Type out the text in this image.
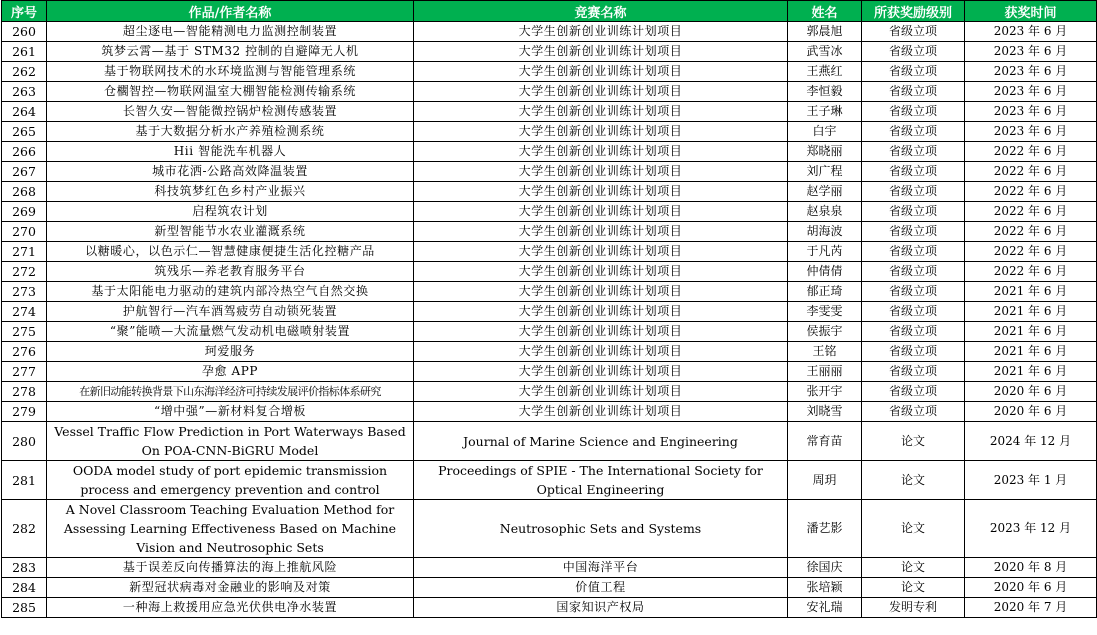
序号	作品/作者名称	竞赛名称	姓名	所获奖励级别	获奖时间
260	超尘逐电—智能精测电力监测控制装置	大学生创新创业训练计划项目	郭晨旭	省级立项	2023 年 6 月
261	筑梦云霄—基于 STM32 控制的自避障无人机	大学生创新创业训练计划项目	武雪冰	省级立项	2023 年 6 月
262	基于物联网技术的水环境监测与智能管理系统	大学生创新创业训练计划项目	王燕红	省级立项	2023 年 6 月
263	仓櫊智控—物联网温室大棚智能检测传输系统	大学生创新创业训练计划项目	李恒毅	省级立项	2023 年 6 月
264	长智久安—智能微控锅炉检测传感装置	大学生创新创业训练计划项目	王子琳	省级立项	2023 年 6 月
265	基于大数据分析水产养殖检测系统	大学生创新创业训练计划项目	白宇	省级立项	2023 年 6 月
266	Hii 智能洗车机器人	大学生创新创业训练计划项目	郑晓丽	省级立项	2022 年 6 月
267	城市花洒-公路高效降温装置	大学生创新创业训练计划项目	刘广程	省级立项	2022 年 6 月
268	科技筑梦红色乡村产业振兴	大学生创新创业训练计划项目	赵学丽	省级立项	2022 年 6 月
269	启程筑农计划	大学生创新创业训练计划项目	赵泉泉	省级立项	2022 年 6 月
270	新型智能节水农业灌溉系统	大学生创新创业训练计划项目	胡海波	省级立项	2022 年 6 月
271	以糖暖心，以色示仁—智慧健康便捷生活化控糖产品	大学生创新创业训练计划项目	于凡芮	省级立项	2022 年 6 月
272	筑残乐—养老教育服务平台	大学生创新创业训练计划项目	仲倩倩	省级立项	2022 年 6 月
273	基于太阳能电力驱动的建筑内部冷热空气自然交换	大学生创新创业训练计划项目	郁正琦	省级立项	2021 年 6 月
274	护航智行—汽车酒驾疲劳自动锁死装置	大学生创新创业训练计划项目	李雯雯	省级立项	2021 年 6 月
275	“聚”能喷—大流量燃气发动机电磁喷射装置	大学生创新创业训练计划项目	侯振宇	省级立项	2021 年 6 月
276	珂爱服务	大学生创新创业训练计划项目	王铭	省级立项	2021 年 6 月
277	孕愈 APP	大学生创新创业训练计划项目	王丽丽	省级立项	2021 年 6 月
278	在新旧动能转换背景下山东海洋经济可持续发展评价指标体系研究	大学生创新创业训练计划项目	张开宇	省级立项	2020 年 6 月
279	“增中强”—新材料复合增板	大学生创新创业训练计划项目	刘晓雪	省级立项	2020 年 6 月
280	Vessel Traffic Flow Prediction in Port Waterways Based On POA-CNN-BiGRU Model	Journal of Marine Science and Engineering	常育苗	论文	2024 年 12 月
281	OODA model study of port epidemic transmission process and emergency prevention and control	Proceedings of SPIE - The International Society for Optical Engineering	周玥	论文	2023 年 1 月
282	A Novel Classroom Teaching Evaluation Method for Assessing Learning Effectiveness Based on Machine Vision and Neutrosophic Sets	Neutrosophic Sets and Systems	潘艺影	论文	2023 年 12 月
283	基于误差反向传播算法的海上推航风险	中国海洋平台	徐国庆	论文	2020 年 8 月
284	新型冠状病毒对金融业的影响及对策	价值工程	张培颖	论文	2020 年 6 月
285	一种海上救援用应急光伏供电净水装置	国家知识产权局	安礼瑞	发明专利	2020 年 7 月
